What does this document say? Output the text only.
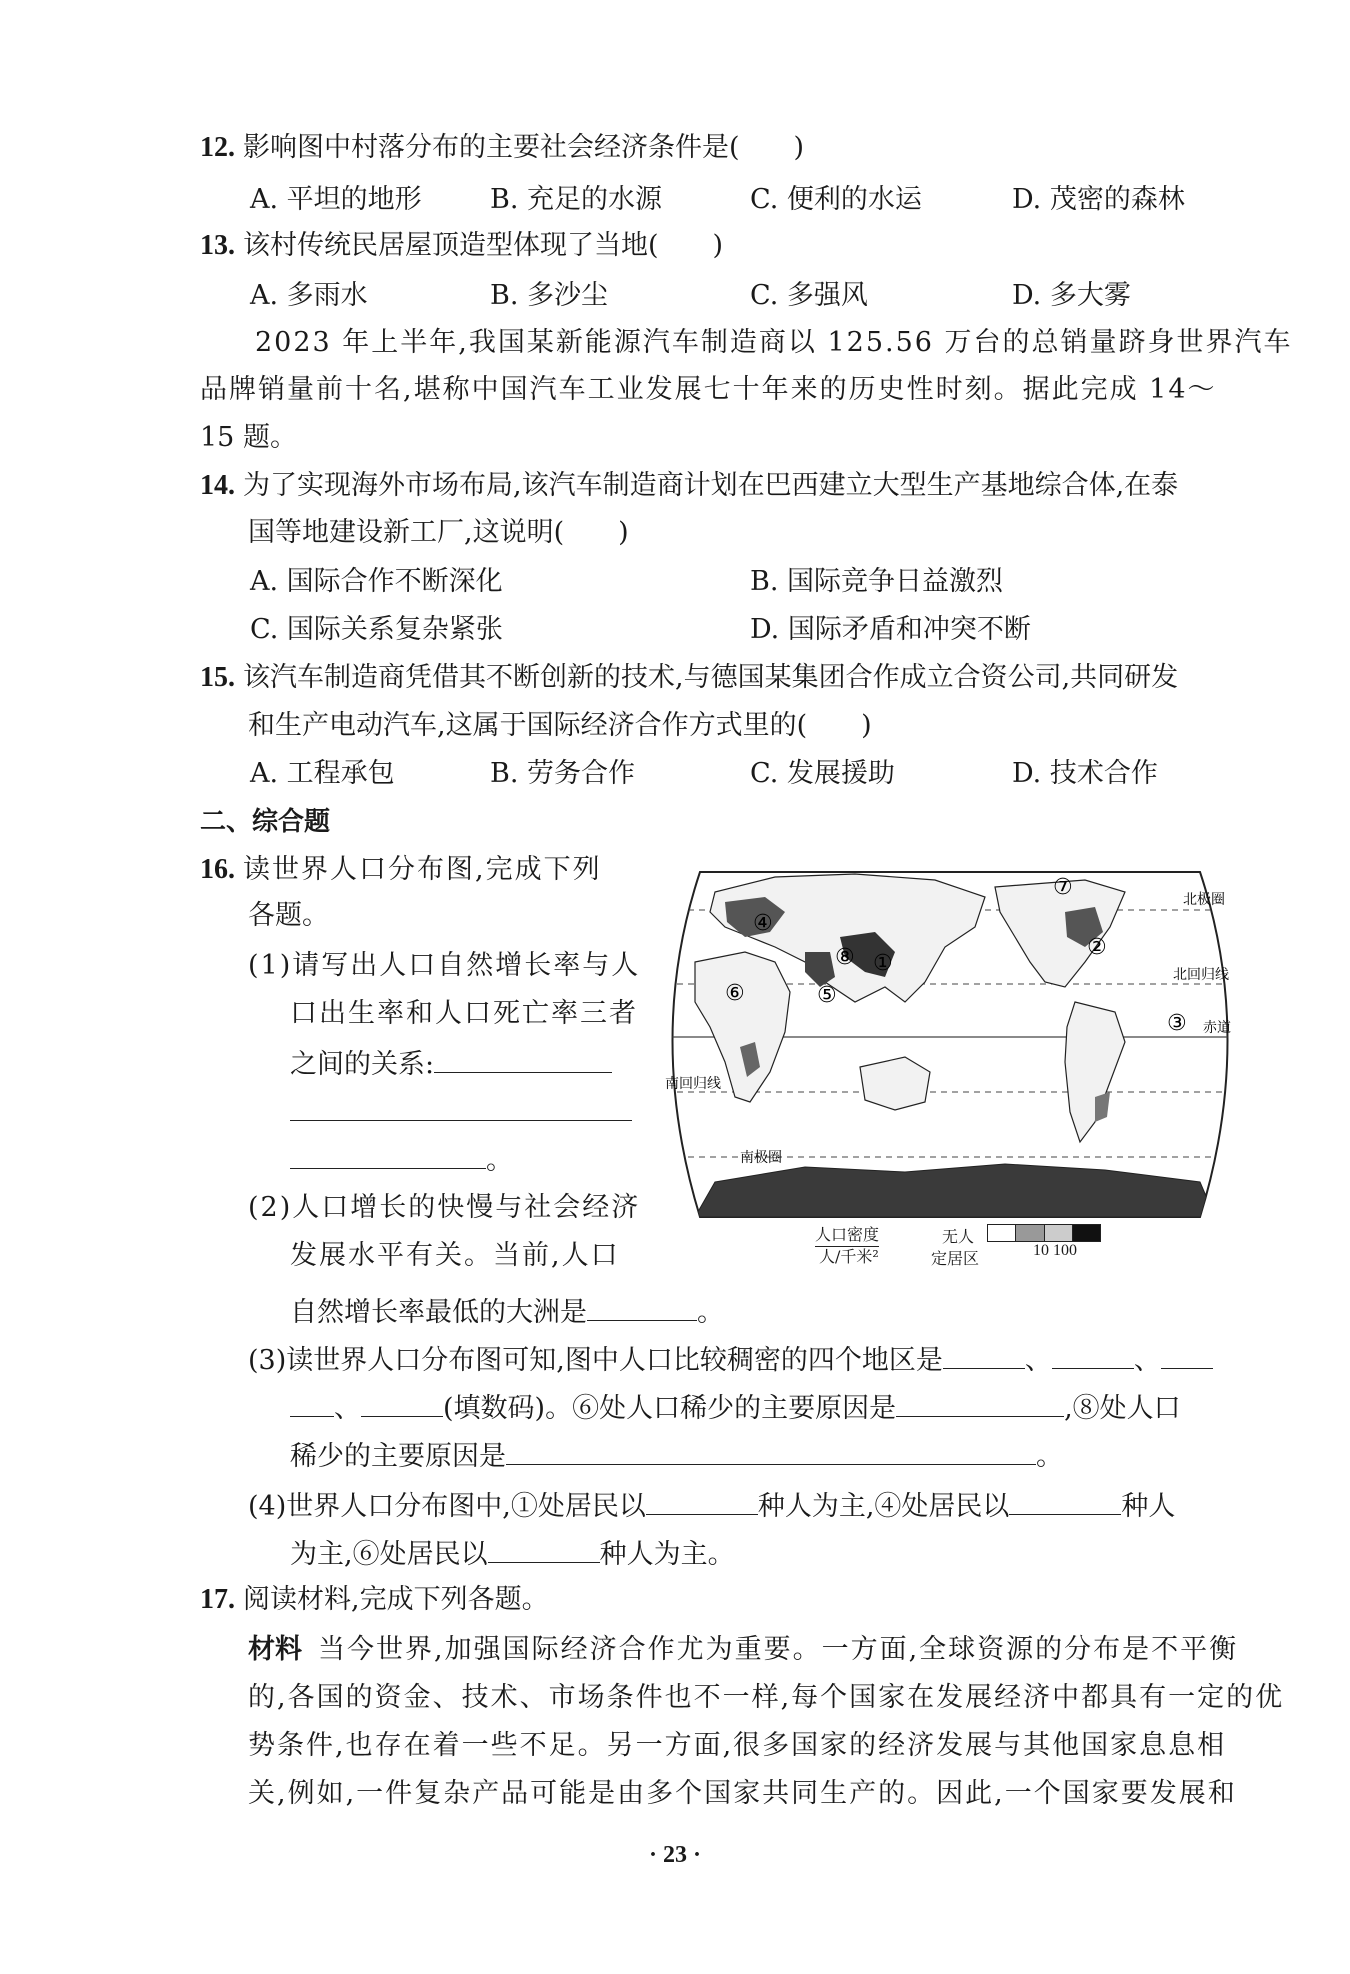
12. 影响图中村落分布的主要社会经济条件是(　　)
A. 平坦的地形	B. 充足的水源	C. 便利的水运	D. 茂密的森林
13. 该村传统民居屋顶造型体现了当地(　　)
A. 多雨水	B. 多沙尘	C. 多强风	D. 多大雾
2023 年上半年,我国某新能源汽车制造商以 125.56 万台的总销量跻身世界汽车
品牌销量前十名,堪称中国汽车工业发展七十年来的历史性时刻。据此完成 14～
15 题。
14. 为了实现海外市场布局,该汽车制造商计划在巴西建立大型生产基地综合体,在泰
国等地建设新工厂,这说明(　　)
A. 国际合作不断深化	B. 国际竞争日益激烈
C. 国际关系复杂紧张	D. 国际矛盾和冲突不断
15. 该汽车制造商凭借其不断创新的技术,与德国某集团合作成立合资公司,共同研发
和生产电动汽车,这属于国际经济合作方式里的(　　)
A. 工程承包	B. 劳务合作	C. 发展援助	D. 技术合作
二、综合题
16. 读世界人口分布图,完成下列
各题。
(1)请写出人口自然增长率与人
口出生率和人口死亡率三者
之间的关系:
。
(2)人口增长的快慢与社会经济
发展水平有关。当前,人口
自然增长率最低的大洲是	。
(3)读世界人口分布图可知,图中人口比较稠密的四个地区是	、	、
、	(填数码)。⑥处人口稀少的主要原因是	,⑧处人口
稀少的主要原因是	。
(4)世界人口分布图中,①处居民以	种人为主,④处居民以	种人
为主,⑥处居民以	种人为主。
北极圈
北回归线
赤道
南回归线
南极圈
①
②
③
④
⑤
⑥
⑦
⑧
人口密度
人/千米²
无人
定居区	10 100
17. 阅读材料,完成下列各题。
材料 当今世界,加强国际经济合作尤为重要。一方面,全球资源的分布是不平衡
的,各国的资金、技术、市场条件也不一样,每个国家在发展经济中都具有一定的优
势条件,也存在着一些不足。另一方面,很多国家的经济发展与其他国家息息相
关,例如,一件复杂产品可能是由多个国家共同生产的。因此,一个国家要发展和
· 23 ·
